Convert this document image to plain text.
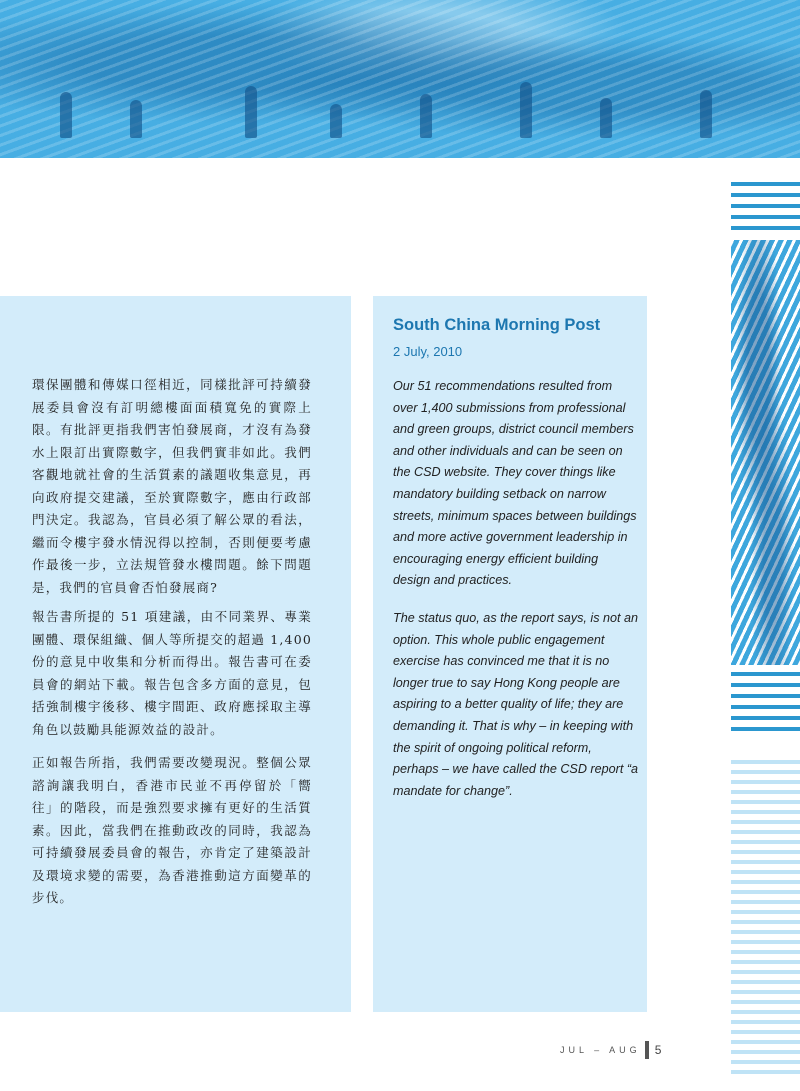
環保團體和傳媒口徑相近，同樣批評可持續發展委員會沒有訂明總樓面面積寬免的實際上限。有批評更指我們害怕發展商，才沒有為發水上限訂出實際數字，但我們實非如此。我們客觀地就社會的生活質素的議題收集意見，再向政府提交建議，至於實際數字，應由行政部門決定。我認為，官員必須了解公眾的看法，繼而令樓宇發水情況得以控制，否則便要考慮作最後一步，立法規管發水樓問題。餘下問題是，我們的官員會否怕發展商?

報告書所提的 51 項建議，由不同業界、專業團體、環保組織、個人等所提交的超過 1,400 份的意見中收集和分析而得出。報告書可在委員會的網站下載。報告包含多方面的意見，包括強制樓宇後移、樓宇間距、政府應採取主導角色以鼓勵具能源效益的設計。

正如報告所指，我們需要改變現況。整個公眾諮詢讓我明白，香港市民並不再停留於「嚮往」的階段，而是強烈要求擁有更好的生活質素。因此，當我們在推動政改的同時，我認為可持續發展委員會的報告，亦肯定了建築設計及環境求變的需要，為香港推動這方面變革的步伐。

South China Morning Post

2 July, 2010

Our 51 recommendations resulted from over 1,400 submissions from professional and green groups, district council members and other individuals and can be seen on the CSD website. They cover things like mandatory building setback on narrow streets, minimum spaces between buildings and more active government leadership in encouraging energy efficient building design and practices.

The status quo, as the report says, is not an option. This whole public engagement exercise has convinced me that it is no longer true to say Hong Kong people are aspiring to a better quality of life; they are demanding it. That is why – in keeping with the spirit of ongoing political reform, perhaps – we have called the CSD report “a mandate for change”.

JUL – AUG 5
